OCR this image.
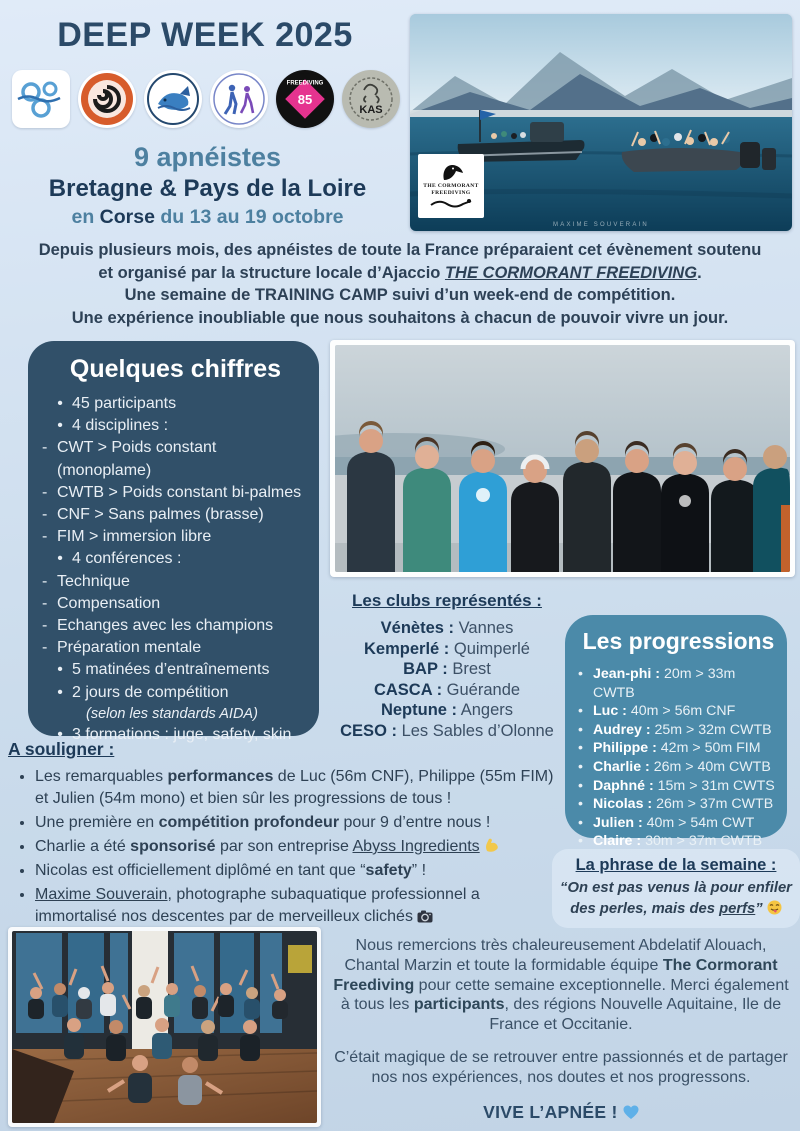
DEEP WEEK 2025
FREEDIVING
85
KAS
9 apnéistes
Bretagne & Pays de la Loire
en Corse du 13 au 19 octobre
THE CORMORANT
FREEDIVING
MAXIME SOUVERAIN
Depuis plusieurs mois, des apnéistes de toute la France préparaient cet évènement soutenu
et organisé par la structure locale d’Ajaccio THE CORMORANT FREEDIVING.
Une semaine de TRAINING CAMP suivi d’un week-end de compétition.
Une expérience inoubliable que nous souhaitons à chacun de pouvoir vivre un jour.
Quelques chiffres
• 45 participants
• 4 disciplines :
- CWT > Poids constant (monoplame)
- CWTB > Poids constant bi-palmes
- CNF > Sans palmes (brasse)
- FIM > immersion libre
• 4 conférences :
- Technique
- Compensation
- Echanges avec les champions
- Préparation mentale
• 5 matinées d’entraînements
• 2 jours de compétition
(selon les standards AIDA)
• 3 formations : juge, safety, skin
Les clubs représentés :
Vénètes : Vannes
Kemperlé : Quimperlé
BAP : Brest
CASCA : Guérande
Neptune : Angers
CESO : Les Sables d’Olonne
Les progressions
• Jean-phi : 20m > 33m CWTB
• Luc : 40m > 56m CNF
• Audrey : 25m > 32m CWTB
• Philippe : 42m > 50m FIM
• Charlie : 26m > 40m CWTB
• Daphné : 15m > 31m CWTS
• Nicolas : 26m > 37m CWTB
• Julien : 40m > 54m CWT
• Claire : 30m > 37m CWTB
A souligner :
• Les remarquables performances de Luc (56m CNF), Philippe (55m FIM) et Julien (54m mono) et bien sûr les progressions de tous !
• Une première en compétition profondeur pour 9 d’entre nous !
• Charlie a été sponsorisé par son entreprise Abyss Ingredients
• Nicolas est officiellement diplômé en tant que “safety” !
• Maxime Souverain, photographe subaquatique professionnel a immortalisé nos descentes par de merveilleux clichés
La phrase de la semaine :
“On est pas venus là pour enfiler des perles, mais des perfs”
Nous remercions très chaleureusement Abdelatif Alouach, Chantal Marzin et toute la formidable équipe The Cormorant Freediving pour cette semaine exceptionnelle. Merci également à tous les participants, des régions Nouvelle Aquitaine, Ile de France et Occitanie.
C’était magique de se retrouver entre passionnés et de partager nos nos expériences, nos doutes et nos progressons.
VIVE L’APNÉE !
